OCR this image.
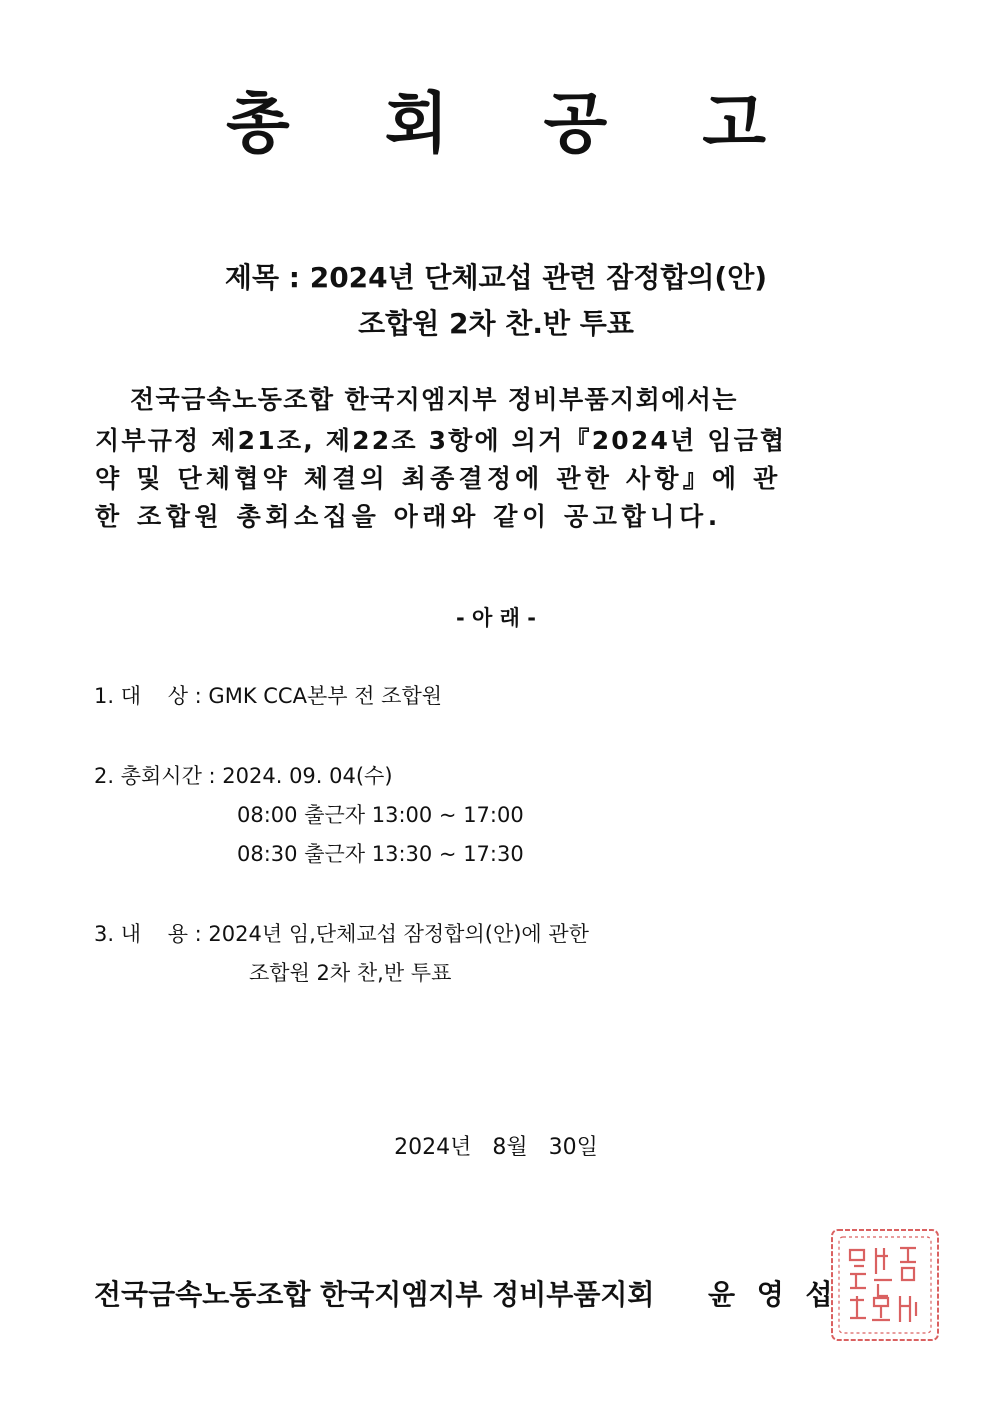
총 회 공 고
제목 : 2024년 단체교섭 관련 잠정합의(안)
조합원 2차 찬.반 투표
전국금속노동조합 한국지엠지부 정비부품지회에서는
지부규정 제21조, 제22조 3항에 의거『2024년 임금협
약 및 단체협약 체결의 최종결정에 관한 사항』에 관
한 조합원 총회소집을 아래와 같이 공고합니다.
- 아 래 -
1. 대    상 : GMK CCA본부 전 조합원
2. 총회시간 : 2024. 09. 04(수)
08:00 출근자 13:00 ~ 17:00
08:30 출근자 13:30 ~ 17:30
3. 내    용 : 2024년 임,단체교섭 잠정합의(안)에 관한
조합원 2차 찬,반 투표
2024년   8월   30일
전국금속노동조합 한국지엠지부 정비부품지회 윤 영 섭
